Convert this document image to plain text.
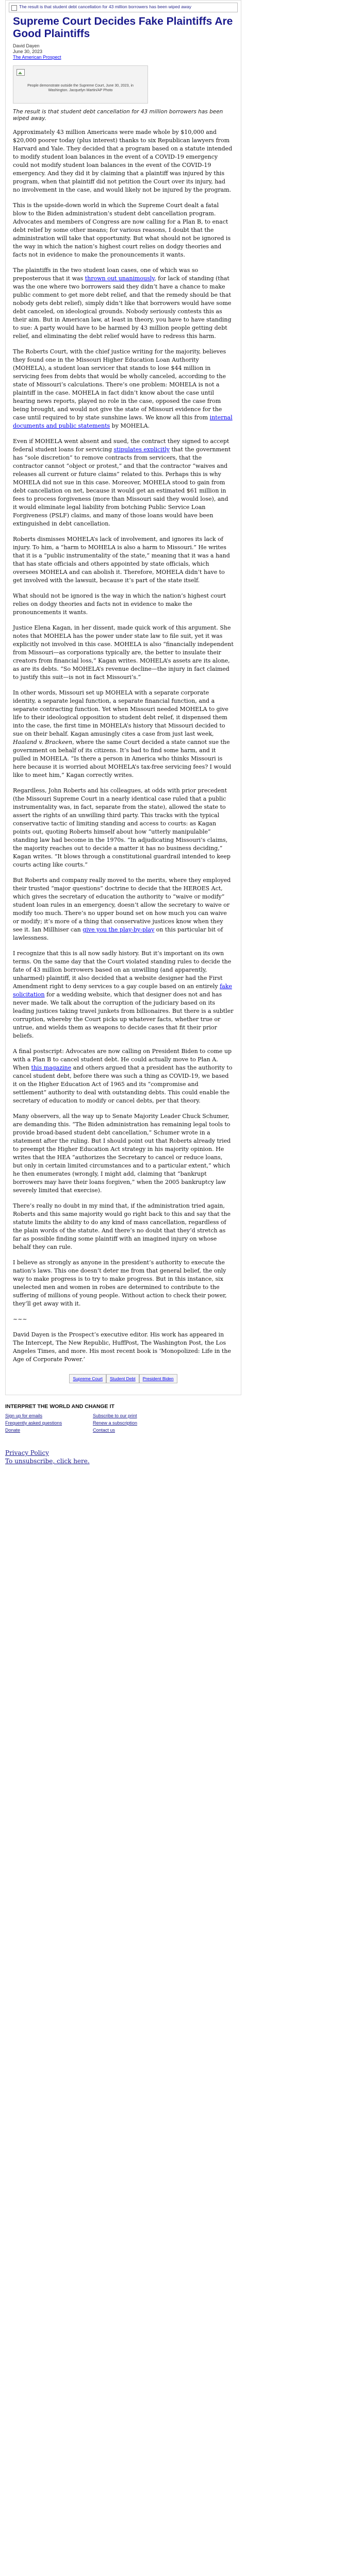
The result is that student debt cancellation for 43 million borrowers has been wiped away
Supreme Court Decides Fake Plaintiffs Are Good Plaintiffs
David Dayen
June 30, 2023
The American Prospect
People demonstrate outside the Supreme Court, June 30, 2023, in Washington. Jacquelyn Martin/AP Photo
The result is that student debt cancellation for 43 million borrowers has been wiped away.

Approximately 43 million Americans were made whole by $10,000 and $20,000 poorer today (plus interest) thanks to six Republican lawyers from Harvard and Yale. They decided that a program based on a statute intended to modify student loan balances in the event of a COVID-19 emergency could not modify student loan balances in the event of the COVID-19 emergency. And they did it by claiming that a plaintiff was injured by this program, when that plaintiff did not petition the Court over its injury, had no involvement in the case, and would likely not be injured by the program.

This is the upside-down world in which the Supreme Court dealt a fatal blow to the Biden administration’s student debt cancellation program. Advocates and members of Congress are now calling for a Plan B, to enact debt relief by some other means; for various reasons, I doubt that the administration will take that opportunity. But what should not be ignored is the way in which the nation’s highest court relies on dodgy theories and facts not in evidence to make the pronouncements it wants.

The plaintiffs in the two student loan cases, one of which was so preposterous that it was thrown out unanimously, for lack of standing (that was the one where two borrowers said they didn’t have a chance to make public comment to get more debt relief, and that the remedy should be that nobody gets debt relief), simply didn’t like that borrowers would have some debt canceled, on ideological grounds. Nobody seriously contests this as their aim. But in American law, at least in theory, you have to have standing to sue: A party would have to be harmed by 43 million people getting debt relief, and eliminating the debt relief would have to redress this harm.

The Roberts Court, with the chief justice writing for the majority, believes they found one in the Missouri Higher Education Loan Authority (MOHELA), a student loan servicer that stands to lose $44 million in servicing fees from debts that would be wholly canceled, according to the state of Missouri’s calculations. There’s one problem: MOHELA is not a plaintiff in the case. MOHELA in fact didn’t know about the case until hearing news reports, played no role in the case, opposed the case from being brought, and would not give the state of Missouri evidence for the case until required to by state sunshine laws. We know all this from internal documents and public statements by MOHELA.

Even if MOHELA went absent and sued, the contract they signed to accept federal student loans for servicing stipulates explicitly that the government has “sole discretion” to remove contracts from servicers, that the contractor cannot “object or protest,” and that the contractor “waives and releases all current or future claims” related to this. Perhaps this is why MOHELA did not sue in this case. Moreover, MOHELA stood to gain from debt cancellation on net, because it would get an estimated $61 million in fees to process forgiveness (more than Missouri said they would lose), and it would eliminate legal liability from botching Public Service Loan Forgiveness (PSLF) claims, and many of those loans would have been extinguished in debt cancellation.

Roberts dismisses MOHELA’s lack of involvement, and ignores its lack of injury. To him, a “harm to MOHELA is also a harm to Missouri.” He writes that it is a “public instrumentality of the state,” meaning that it was a hand that has state officials and others appointed by state officials, which oversees MOHELA and can abolish it. Therefore, MOHELA didn’t have to get involved with the lawsuit, because it’s part of the state itself.

What should not be ignored is the way in which the nation’s highest court relies on dodgy theories and facts not in evidence to make the pronouncements it wants.

Justice Elena Kagan, in her dissent, made quick work of this argument. She notes that MOHELA has the power under state law to file suit, yet it was explicitly not involved in this case. MOHELA is also “financially independent from Missouri—as corporations typically are, the better to insulate their creators from financial loss,” Kagan writes. MOHELA’s assets are its alone, as are its debts. “So MOHELA’s revenue decline—the injury in fact claimed to justify this suit—is not in fact Missouri’s.”

In other words, Missouri set up MOHELA with a separate corporate identity, a separate legal function, a separate financial function, and a separate contracting function. Yet when Missouri needed MOHELA to give life to their ideological opposition to student debt relief, it dispensed them into the case, the first time in MOHELA’s history that Missouri decided to sue on their behalf. Kagan amusingly cites a case from just last week, Haaland v. Brackeen, where the same Court decided a state cannot sue the government on behalf of its citizens. It’s bad to find some harm, and it pulled in MOHELA. “Is there a person in America who thinks Missouri is here because it is worried about MOHELA’s tax-free servicing fees? I would like to meet him,” Kagan correctly writes.

Regardless, John Roberts and his colleagues, at odds with prior precedent (the Missouri Supreme Court in a nearly identical case ruled that a public instrumentality was, in fact, separate from the state), allowed the state to assert the rights of an unwilling third party. This tracks with the typical conservative tactic of limiting standing and access to courts: as Kagan points out, quoting Roberts himself about how “utterly manipulable” standing law had become in the 1970s. “In adjudicating Missouri’s claims, the majority reaches out to decide a matter it has no business deciding,” Kagan writes. “It blows through a constitutional guardrail intended to keep courts acting like courts.”

But Roberts and company really moved to the merits, where they employed their trusted “major questions” doctrine to decide that the HEROES Act, which gives the secretary of education the authority to “waive or modify” student loan rules in an emergency, doesn’t allow the secretary to waive or modify too much. There’s no upper bound set on how much you can waive or modify; it’s more of a thing that conservative justices know when they see it. Ian Millhiser can give you the play-by-play on this particular bit of lawlessness.

I recognize that this is all now sadly history. But it’s important on its own terms. On the same day that the Court violated standing rules to decide the fate of 43 million borrowers based on an unwilling (and apparently, unharmed) plaintiff, it also decided that a website designer had the First Amendment right to deny services to a gay couple based on an entirely fake solicitation for a wedding website, which that designer does not and has never made. We talk about the corruption of the judiciary based on its leading justices taking travel junkets from billionaires. But there is a subtler corruption, whereby the Court picks up whatever facts, whether true or untrue, and wields them as weapons to decide cases that fit their prior beliefs.

A final postscript: Advocates are now calling on President Biden to come up with a Plan B to cancel student debt. He could actually move to Plan A. When this magazine and others argued that a president has the authority to cancel student debt, before there was such a thing as COVID-19, we based it on the Higher Education Act of 1965 and its “compromise and settlement” authority to deal with outstanding debts. This could enable the secretary of education to modify or cancel debts, per that theory.

Many observers, all the way up to Senate Majority Leader Chuck Schumer, are demanding this. “The Biden administration has remaining legal tools to provide broad-based student debt cancellation,” Schumer wrote in a statement after the ruling. But I should point out that Roberts already tried to preempt the Higher Education Act strategy in his majority opinion. He writes that the HEA “authorizes the Secretary to cancel or reduce loans, but only in certain limited circumstances and to a particular extent,” which he then enumerates (wrongly, I might add, claiming that “bankrupt borrowers may have their loans forgiven,” when the 2005 bankruptcy law severely limited that exercise).

There’s really no doubt in my mind that, if the administration tried again, Roberts and this same majority would go right back to this and say that the statute limits the ability to do any kind of mass cancellation, regardless of the plain words of the statute. And there’s no doubt that they’d stretch as far as possible finding some plaintiff with an imagined injury on whose behalf they can rule.

I believe as strongly as anyone in the president’s authority to execute the nation’s laws. This one doesn’t deter me from that general belief, the only way to make progress is to try to make progress. But in this instance, six unelected men and women in robes are determined to contribute to the suffering of millions of young people. Without action to check their power, they’ll get away with it.

~~~

David Dayen is the Prospect’s executive editor. His work has appeared in The Intercept, The New Republic, HuffPost, The Washington Post, the Los Angeles Times, and more. His most recent book is ‘Monopolized: Life in the Age of Corporate Power.’
Supreme Court	Student Debt	President Biden
INTERPRET THE WORLD AND CHANGE IT
Sign up for emails	Subscribe to our print
Frequently asked questions	Renew a subscription
Donate	Contact us
Privacy Policy
To unsubscribe, click here.
